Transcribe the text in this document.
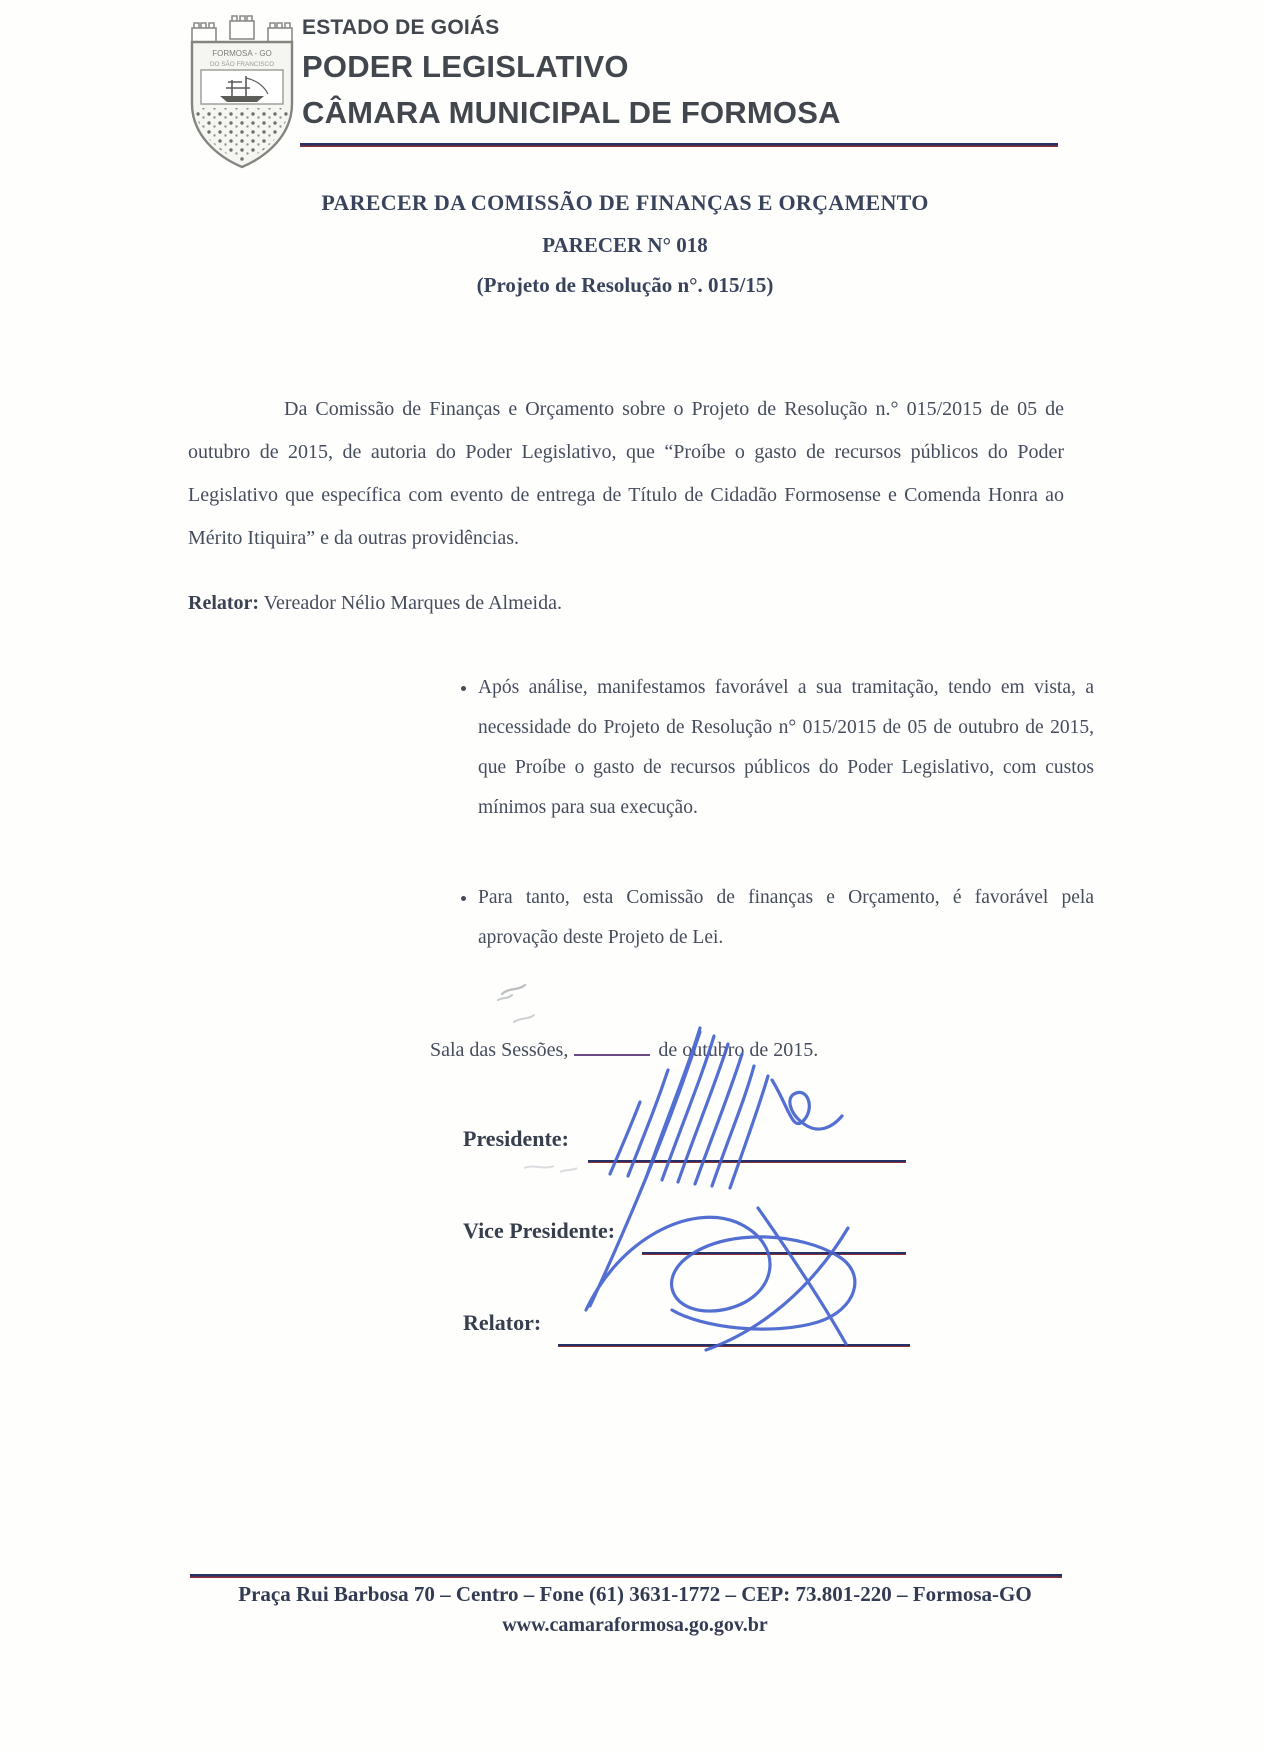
FORMOSA - GO
DO SÃO FRANCISCO
ESTADO DE GOIÁS
PODER LEGISLATIVO
CÂMARA MUNICIPAL DE FORMOSA
PARECER DA COMISSÃO DE FINANÇAS E ORÇAMENTO
PARECER N° 018
(Projeto de Resolução n°. 015/15)

Da Comissão de Finanças e Orçamento sobre o Projeto de Resolução n.° 015/2015 de 05 de outubro de 2015, de autoria do Poder Legislativo, que “Proíbe o gasto de recursos públicos do Poder Legislativo que específica com evento de entrega de Título de Cidadão Formosense e Comenda Honra ao Mérito Itiquira” e da outras providências.

Relator: Vereador Nélio Marques de Almeida.
• Após análise, manifestamos favorável a sua tramitação, tendo em vista, a necessidade do Projeto de Resolução n° 015/2015 de 05 de outubro de 2015, que Proíbe o gasto de recursos públicos do Poder Legislativo, com custos mínimos para sua execução.
• Para tanto, esta Comissão de finanças e Orçamento, é favorável pela aprovação deste Projeto de Lei.
Sala das Sessões,	de outubro de 2015.
Presidente:
Vice Presidente:
Relator:
Praça Rui Barbosa 70 – Centro – Fone (61) 3631-1772 – CEP: 73.801-220 – Formosa-GO
www.camaraformosa.go.gov.br
